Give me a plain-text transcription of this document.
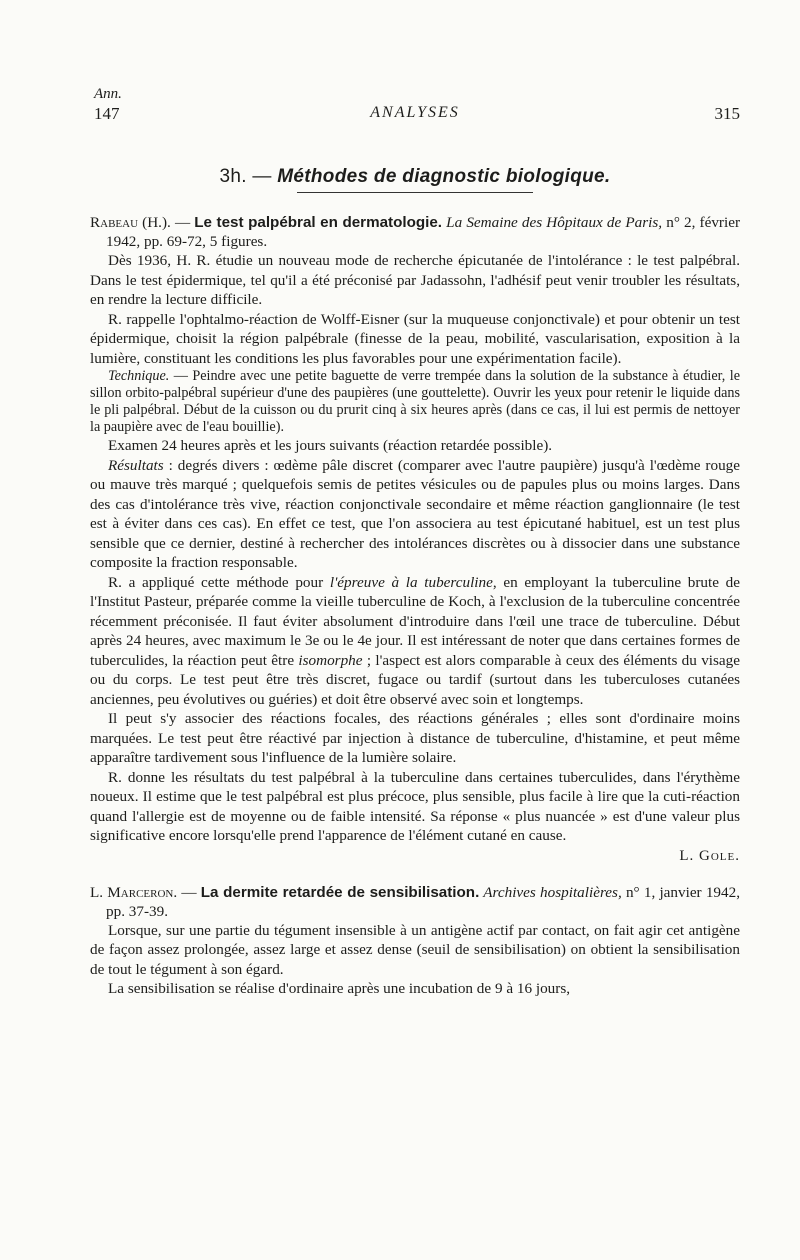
Ann.
147	ANALYSES	315
3h. — Méthodes de diagnostic biologique.
Rabeau (H.). — Le test palpébral en dermatologie. La Semaine des Hôpitaux de Paris, n° 2, février 1942, pp. 69-72, 5 figures.

Dès 1936, H. R. étudie un nouveau mode de recherche épicutanée de l'intolérance : le test palpébral. Dans le test épidermique, tel qu'il a été préconisé par Jadassohn, l'adhésif peut venir troubler les résultats, en rendre la lecture difficile.

R. rappelle l'ophtalmo-réaction de Wolff-Eisner (sur la muqueuse conjonctivale) et pour obtenir un test épidermique, choisit la région palpébrale (finesse de la peau, mobilité, vascularisation, exposition à la lumière, constituant les conditions les plus favorables pour une expérimentation facile).

Technique. — Peindre avec une petite baguette de verre trempée dans la solution de la substance à étudier, le sillon orbito-palpébral supérieur d'une des paupières (une gouttelette). Ouvrir les yeux pour retenir le liquide dans le pli palpébral. Début de la cuisson ou du prurit cinq à six heures après (dans ce cas, il lui est permis de nettoyer la paupière avec de l'eau bouillie).

Examen 24 heures après et les jours suivants (réaction retardée possible).

Résultats : degrés divers : œdème pâle discret (comparer avec l'autre paupière) jusqu'à l'œdème rouge ou mauve très marqué ; quelquefois semis de petites vésicules ou de papules plus ou moins larges. Dans des cas d'intolérance très vive, réaction conjonctivale secondaire et même réaction ganglionnaire (le test est à éviter dans ces cas). En effet ce test, que l'on associera au test épicutané habituel, est un test plus sensible que ce dernier, destiné à rechercher des intolérances discrètes ou à dissocier dans une substance composite la fraction responsable.

R. a appliqué cette méthode pour l'épreuve à la tuberculine, en employant la tuberculine brute de l'Institut Pasteur, préparée comme la vieille tuberculine de Koch, à l'exclusion de la tuberculine concentrée récemment préconisée. Il faut éviter absolument d'introduire dans l'œil une trace de tuberculine. Début après 24 heures, avec maximum le 3e ou le 4e jour. Il est intéressant de noter que dans certaines formes de tuberculides, la réaction peut être isomorphe ; l'aspect est alors comparable à ceux des éléments du visage ou du corps. Le test peut être très discret, fugace ou tardif (surtout dans les tuberculoses cutanées anciennes, peu évolutives ou guéries) et doit être observé avec soin et longtemps.

Il peut s'y associer des réactions focales, des réactions générales ; elles sont d'ordinaire moins marquées. Le test peut être réactivé par injection à distance de tuberculine, d'histamine, et peut même apparaître tardivement sous l'influence de la lumière solaire.

R. donne les résultats du test palpébral à la tuberculine dans certaines tuberculides, dans l'érythème noueux. Il estime que le test palpébral est plus précoce, plus sensible, plus facile à lire que la cuti-réaction quand l'allergie est de moyenne ou de faible intensité. Sa réponse « plus nuancée » est d'une valeur plus significative encore lorsqu'elle prend l'apparence de l'élément cutané en cause.

L. Gole.
L. Marceron. — La dermite retardée de sensibilisation. Archives hospitalières, n° 1, janvier 1942, pp. 37-39.

Lorsque, sur une partie du tégument insensible à un antigène actif par contact, on fait agir cet antigène de façon assez prolongée, assez large et assez dense (seuil de sensibilisation) on obtient la sensibilisation de tout le tégument à son égard.

La sensibilisation se réalise d'ordinaire après une incubation de 9 à 16 jours,
